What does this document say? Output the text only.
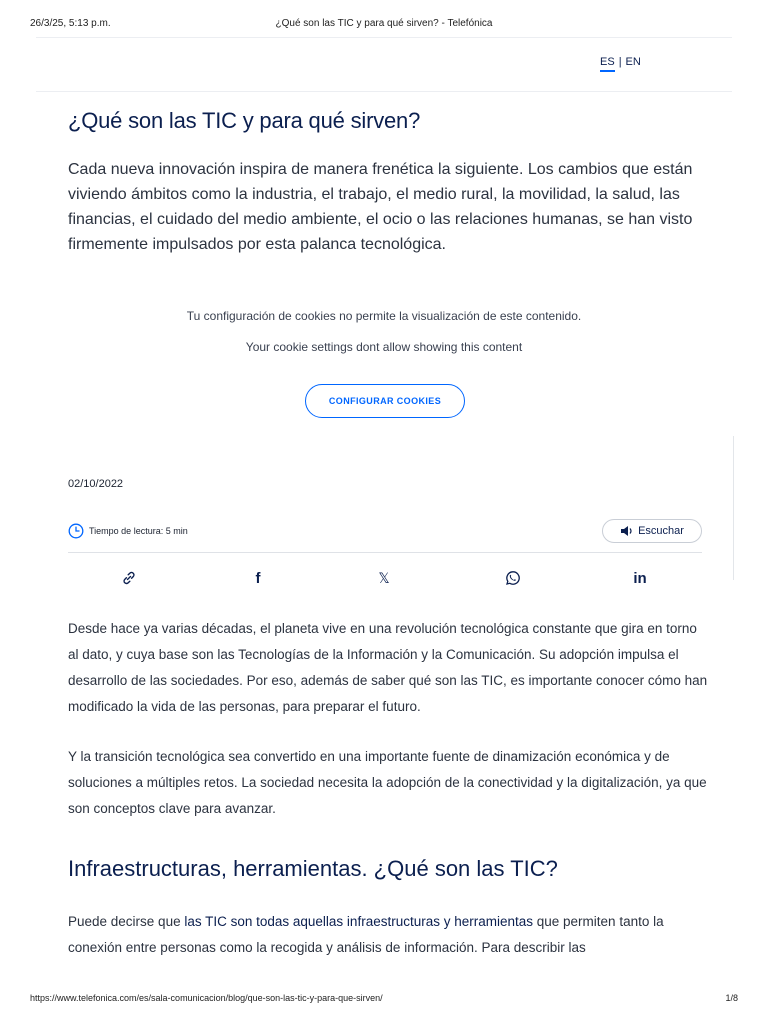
26/3/25, 5:13 p.m.	¿Qué son las TIC y para qué sirven? - Telefónica
ES | EN
¿Qué son las TIC y para qué sirven?

Cada nueva innovación inspira de manera frenética la siguiente. Los cambios que están viviendo ámbitos como la industria, el trabajo, el medio rural, la movilidad, la salud, las financias, el cuidado del medio ambiente, el ocio o las relaciones humanas, se han visto firmemente impulsados por esta palanca tecnológica.

Tu configuración de cookies no permite la visualización de este contenido.
Your cookie settings dont allow showing this content
CONFIGURAR COOKIES
02/10/2022
Tiempo de lectura: 5 min	Escuchar
f	𝕏	in

Desde hace ya varias décadas, el planeta vive en una revolución tecnológica constante que gira en torno al dato, y cuya base son las Tecnologías de la Información y la Comunicación. Su adopción impulsa el desarrollo de las sociedades. Por eso, además de saber qué son las TIC, es importante conocer cómo han modificado la vida de las personas, para preparar el futuro.

Y la transición tecnológica sea convertido en una importante fuente de dinamización económica y de soluciones a múltiples retos. La sociedad necesita la adopción de la conectividad y la digitalización, ya que son conceptos clave para avanzar.

Infraestructuras, herramientas. ¿Qué son las TIC?

Puede decirse que las TIC son todas aquellas infraestructuras y herramientas que permiten tanto la conexión entre personas como la recogida y análisis de información. Para describir las

https://www.telefonica.com/es/sala-comunicacion/blog/que-son-las-tic-y-para-que-sirven/	1/8
